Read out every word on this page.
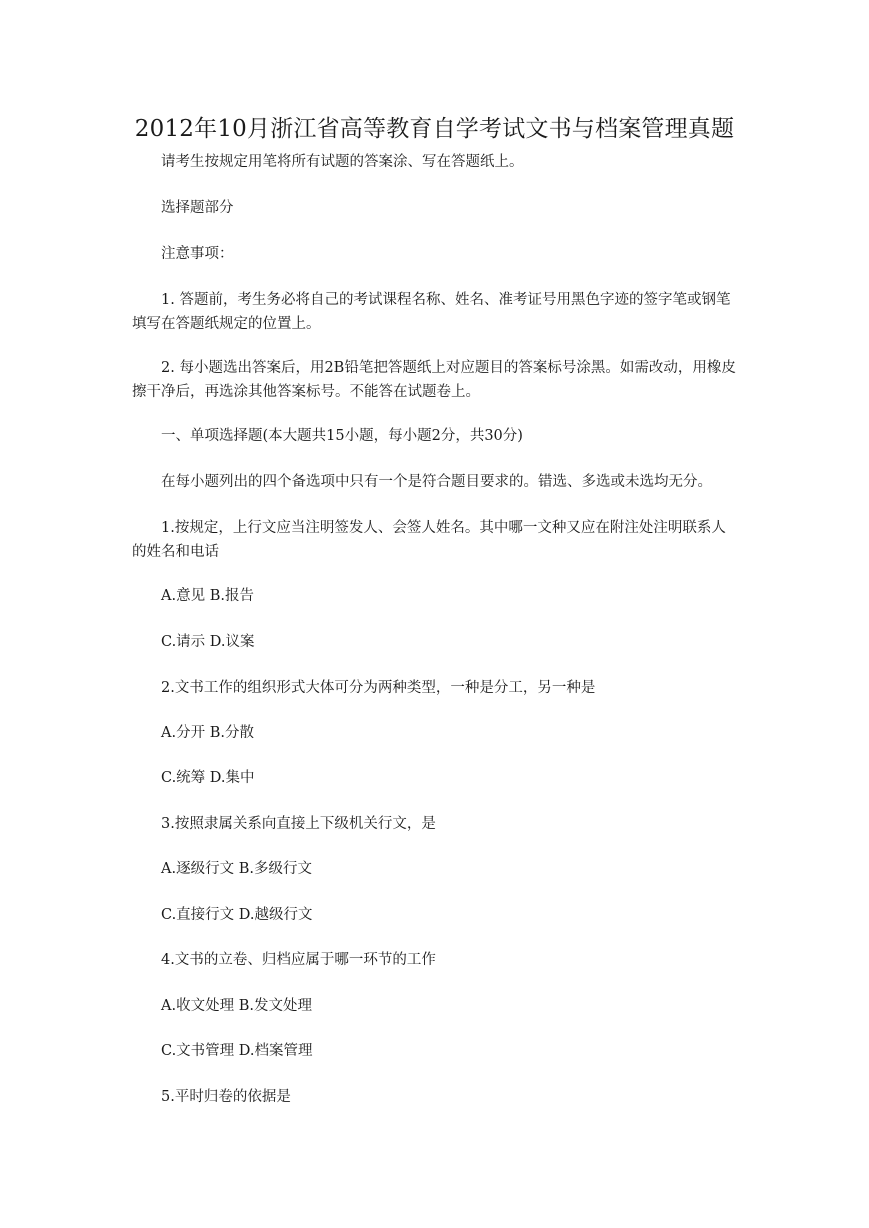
2012年10月浙江省高等教育自学考试文书与档案管理真题

请考生按规定用笔将所有试题的答案涂、写在答题纸上。

选择题部分

注意事项：

1. 答题前，考生务必将自己的考试课程名称、姓名、准考证号用黑色字迹的签字笔或钢笔填写在答题纸规定的位置上。

2. 每小题选出答案后，用2B铅笔把答题纸上对应题目的答案标号涂黑。如需改动，用橡皮擦干净后，再选涂其他答案标号。不能答在试题卷上。

一、单项选择题(本大题共15小题，每小题2分，共30分)

在每小题列出的四个备选项中只有一个是符合题目要求的。错选、多选或未选均无分。

1.按规定，上行文应当注明签发人、会签人姓名。其中哪一文种又应在附注处注明联系人的姓名和电话

A.意见 B.报告

C.请示 D.议案

2.文书工作的组织形式大体可分为两种类型，一种是分工，另一种是

A.分开 B.分散

C.统筹 D.集中

3.按照隶属关系向直接上下级机关行文，是

A.逐级行文 B.多级行文

C.直接行文 D.越级行文

4.文书的立卷、归档应属于哪一环节的工作

A.收文处理 B.发文处理

C.文书管理 D.档案管理

5.平时归卷的依据是
